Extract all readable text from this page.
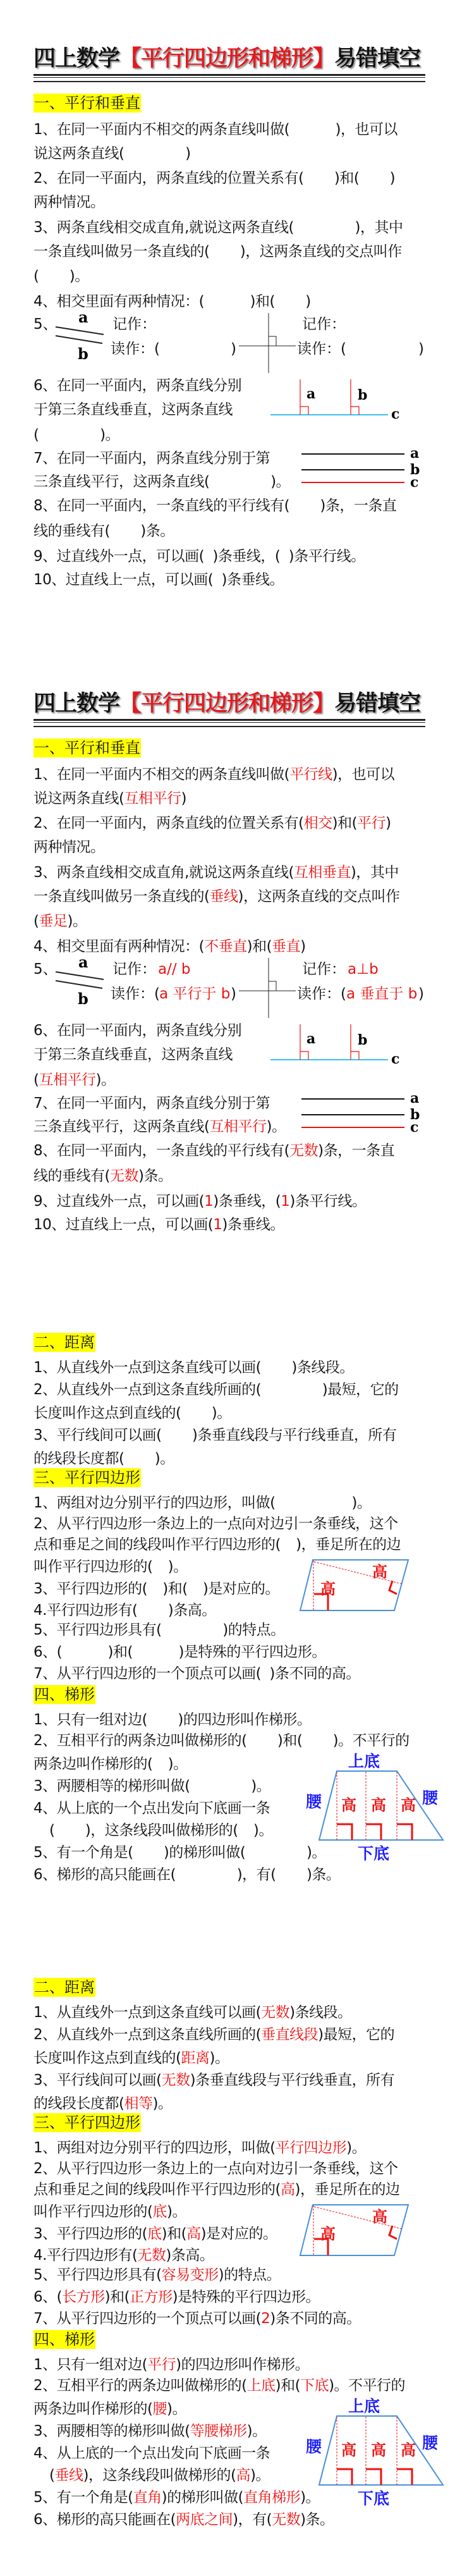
四上数学【平行四边形和梯形】易错填空
一、平行和垂直
1、在同一平面内不相交的两条直线叫做(	)，也可以
说这两条直线(	)
2、在同一平面内，两条直线的位置关系有( )和( )
两种情况。
3、两条直线相交成直角,就说这两条直线(	)，其中
一条直线叫做另一条直线的( )，这两条直线的交点叫作
( )。
4、相交里面有两种情况：(	)和( )
6、在同一平面内，两条直线分别
于第三条直线垂直，这两条直线
(	)。
7、在同一平面内，两条直线分别于第
三条直线平行，这两条直线(	)。
8、在同一平面内，一条直线的平行线有( )条，一条直
线的垂线有( )条。
9、过直线外一点，可以画( )条垂线，( )条平行线。
10、过直线上一点，可以画( )条垂线。
5、	记作：
读作：(	)
记作：
读作：(	)
a
b
a	b
c
a
b
c
四上数学【平行四边形和梯形】易错填空
一、平行和垂直
1、在同一平面内不相交的两条直线叫做(平行线)，也可以
说这两条直线(互相平行)
2、在同一平面内，两条直线的位置关系有(相交)和(平行)
两种情况。
3、两条直线相交成直角,就说这两条直线(互相垂直)，其中
一条直线叫做另一条直线的(垂线)，这两条直线的交点叫作
(垂足)。
4、相交里面有两种情况：(不垂直)和(垂直)
6、在同一平面内，两条直线分别
于第三条直线垂直，这两条直线
(互相平行)。
7、在同一平面内，两条直线分别于第
三条直线平行，这两条直线(互相平行)。
8、在同一平面内，一条直线的平行线有(无数)条，一条直
线的垂线有(无数)条。
9、过直线外一点，可以画(1)条垂线，(1)条平行线。
10、过直线上一点，可以画(1)条垂线。
5、	记作：
读作：(	)
记作：
读作：(	)
a// b
a 平行于 b
a⊥b
a 垂直于 b
a
b
a	b
c
a
b
c
二、距离
1、从直线外一点到这条直线可以画( )条线段。
2、从直线外一点到这条直线所画的(	)最短，它的
长度叫作这点到直线的( )。
3、平行线间可以画( )条垂直线段与平行线垂直，所有
的线段长度都( )。
三、平行四边形
1、两组对边分别平行的四边形，叫做(	)。
2、从平行四边形一条边上的一点向对边引一条垂线，这个
点和垂足之间的线段叫作平行四边形的( )，垂足所在的边
叫作平行四边形的( )。
3、平行四边形的( )和( )是对应的。
4.平行四边形有( )条高。
5、平行四边形具有(	)的特点。
6、(	)和(	)是特殊的平行四边形。
7、从平行四边形的一个顶点可以画( )条不同的高。
四、梯形
1、只有一组对边( )的四边形叫作梯形。
2、互相平行的两条边叫做梯形的( )和( )。不平行的
两条边叫作梯形的( )。
3、两腰相等的梯形叫做(	)。
4、从上底的一个点出发向下底画一条
( )，这条线段叫做梯形的( )。
5、有一个角是( )的梯形叫做(	)。
6、梯形的高只能画在(	)，有( )条。
高
高
高 高 高
上底
下底
腰	腰
二、距离
1、从直线外一点到这条直线可以画(无数)条线段。
2、从直线外一点到这条直线所画的(垂直线段)最短，它的
长度叫作这点到直线的(距离)。
3、平行线间可以画(无数)条垂直线段与平行线垂直，所有
的线段长度都(相等)。
三、平行四边形
1、两组对边分别平行的四边形，叫做(平行四边形)。
2、从平行四边形一条边上的一点向对边引一条垂线，这个
点和垂足之间的线段叫作平行四边形的(高)，垂足所在的边
叫作平行四边形的(底)。
3、平行四边形的(底)和(高)是对应的。
4.平行四边形有(无数)条高。
5、平行四边形具有(容易变形)的特点。
6、(长方形)和(正方形)是特殊的平行四边形。
7、从平行四边形的一个顶点可以画(2)条不同的高。
四、梯形
1、只有一组对边(平行)的四边形叫作梯形。
2、互相平行的两条边叫做梯形的(上底)和(下底)。不平行的
两条边叫作梯形的(腰)。
3、两腰相等的梯形叫做(等腰梯形)。
4、从上底的一个点出发向下底画一条
(垂线)，这条线段叫做梯形的(高)。
5、有一个角是(直角)的梯形叫做(直角梯形)。
6、梯形的高只能画在(两底之间)，有(无数)条。
高
高
高 高 高
上底
下底
腰	腰
